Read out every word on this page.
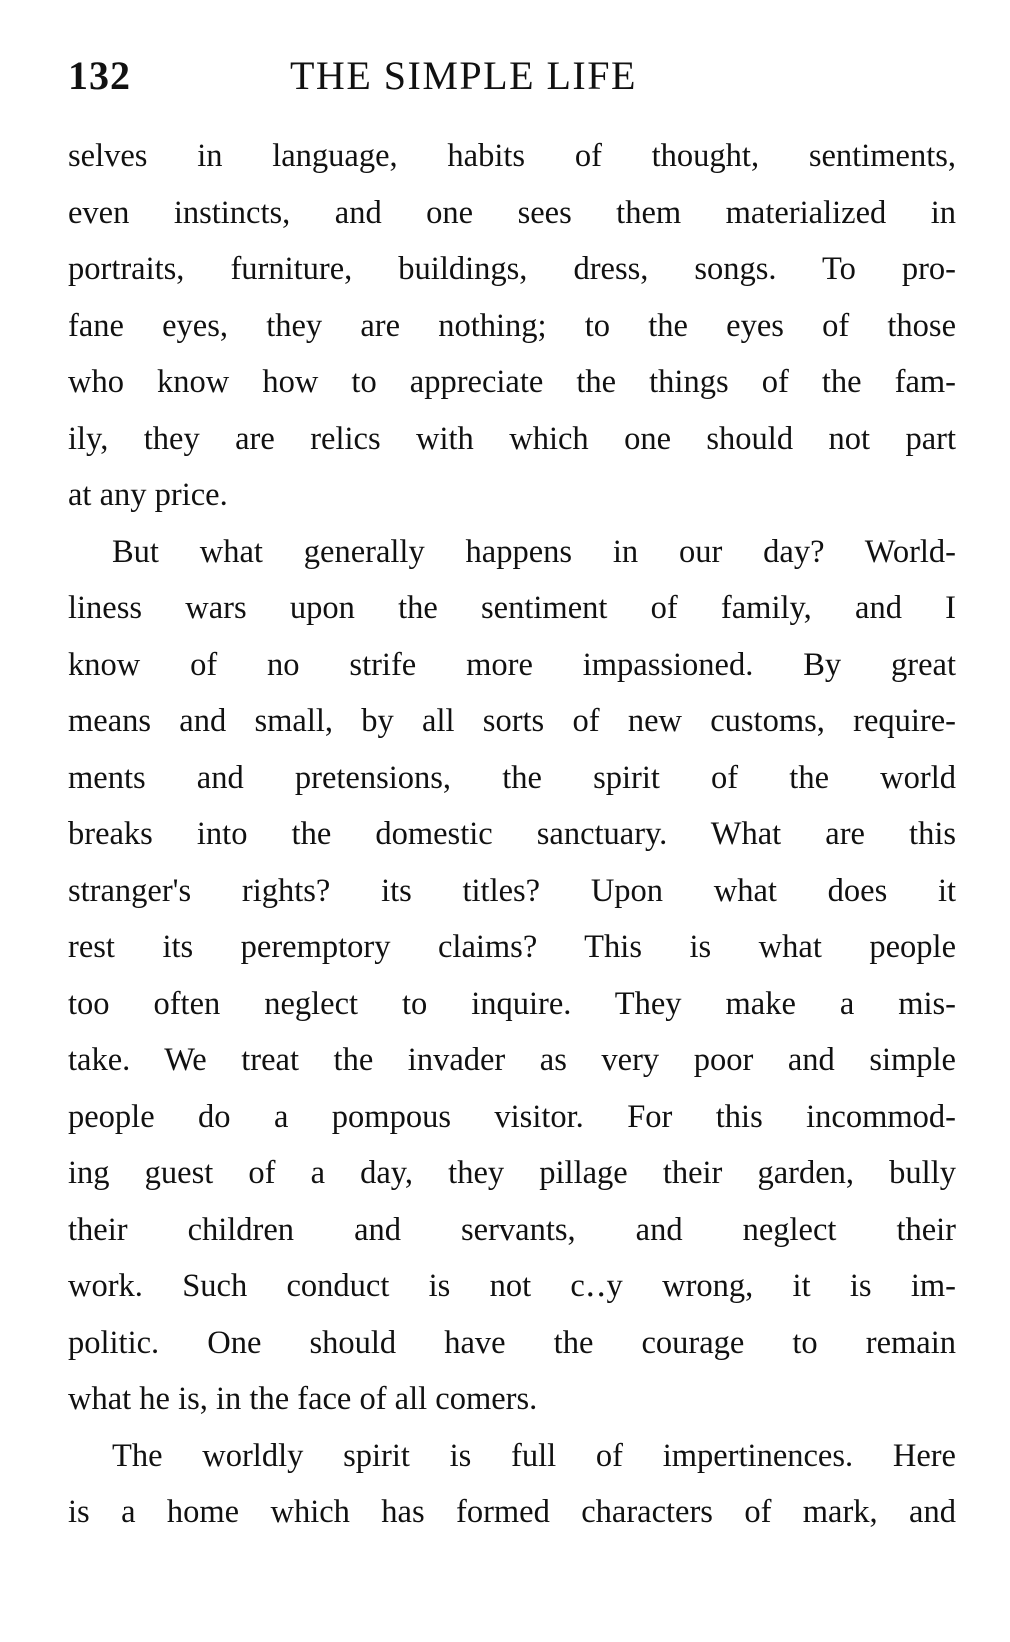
132	THE SIMPLE LIFE
selves in language, habits of thought, sentiments,
even instincts, and one sees them materialized in
portraits, furniture, buildings, dress, songs. To pro-
fane eyes, they are nothing; to the eyes of those
who know how to appreciate the things of the fam-
ily, they are relics with which one should not part
at any price.
But what generally happens in our day? World-
liness wars upon the sentiment of family, and I
know of no strife more impassioned. By great
means and small, by all sorts of new customs, require-
ments and pretensions, the spirit of the world
breaks into the domestic sanctuary. What are this
stranger's rights? its titles? Upon what does it
rest its peremptory claims? This is what people
too often neglect to inquire. They make a mis-
take. We treat the invader as very poor and simple
people do a pompous visitor. For this incommod-
ing guest of a day, they pillage their garden, bully
their children and servants, and neglect their
work. Such conduct is not c․․y wrong, it is im-
politic. One should have the courage to remain
what he is, in the face of all comers.
The worldly spirit is full of impertinences. Here
is a home which has formed characters of mark, and
